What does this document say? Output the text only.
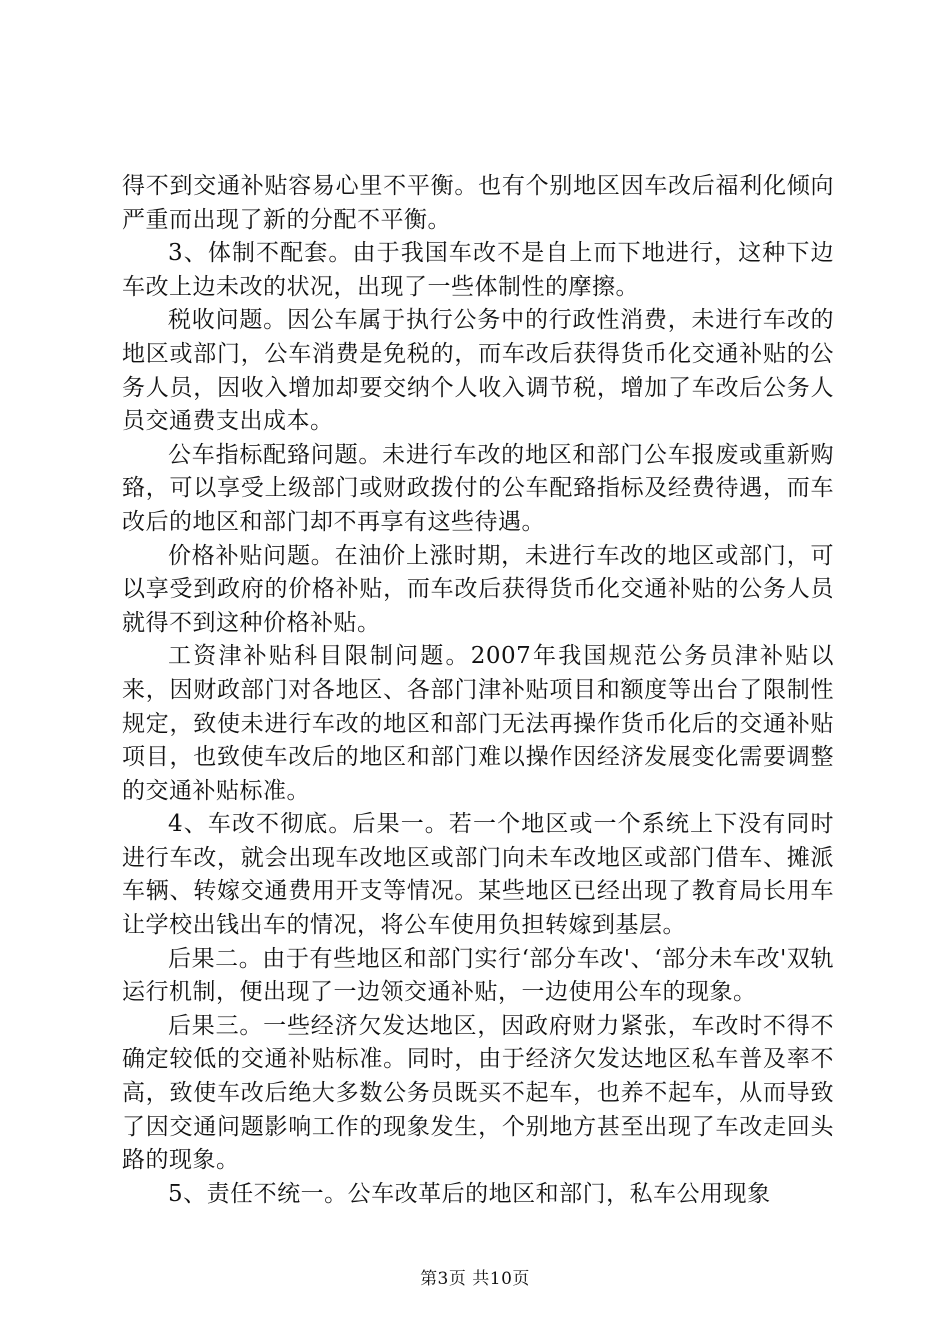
得不到交通补贴容易心里不平衡。也有个别地区因车改后福利化倾向严重而出现了新的分配不平衡。

3、体制不配套。由于我国车改不是自上而下地进行，这种下边车改上边未改的状况，出现了一些体制性的摩擦。

税收问题。因公车属于执行公务中的行政性消费，未进行车改的地区或部门，公车消费是免税的，而车改后获得货币化交通补贴的公务人员，因收入增加却要交纳个人收入调节税，增加了车改后公务人员交通费支出成本。

公车指标配臵问题。未进行车改的地区和部门公车报废或重新购臵，可以享受上级部门或财政拨付的公车配臵指标及经费待遇，而车改后的地区和部门却不再享有这些待遇。

价格补贴问题。在油价上涨时期，未进行车改的地区或部门，可以享受到政府的价格补贴，而车改后获得货币化交通补贴的公务人员就得不到这种价格补贴。

工资津补贴科目限制问题。2007年我国规范公务员津补贴以来，因财政部门对各地区、各部门津补贴项目和额度等出台了限制性规定，致使未进行车改的地区和部门无法再操作货币化后的交通补贴项目，也致使车改后的地区和部门难以操作因经济发展变化需要调整的交通补贴标准。

4、车改不彻底。后果一。若一个地区或一个系统上下没有同时进行车改，就会出现车改地区或部门向未车改地区或部门借车、摊派车辆、转嫁交通费用开支等情况。某些地区已经出现了教育局长用车让学校出钱出车的情况，将公车使用负担转嫁到基层。

后果二。由于有些地区和部门实行‘部分车改'、‘部分未车改'双轨运行机制，便出现了一边领交通补贴，一边使用公车的现象。

后果三。一些经济欠发达地区，因政府财力紧张，车改时不得不确定较低的交通补贴标准。同时，由于经济欠发达地区私车普及率不高，致使车改后绝大多数公务员既买不起车，也养不起车，从而导致了因交通问题影响工作的现象发生，个别地方甚至出现了车改走回头路的现象。

5、责任不统一。公车改革后的地区和部门，私车公用现象

第3页 共10页
